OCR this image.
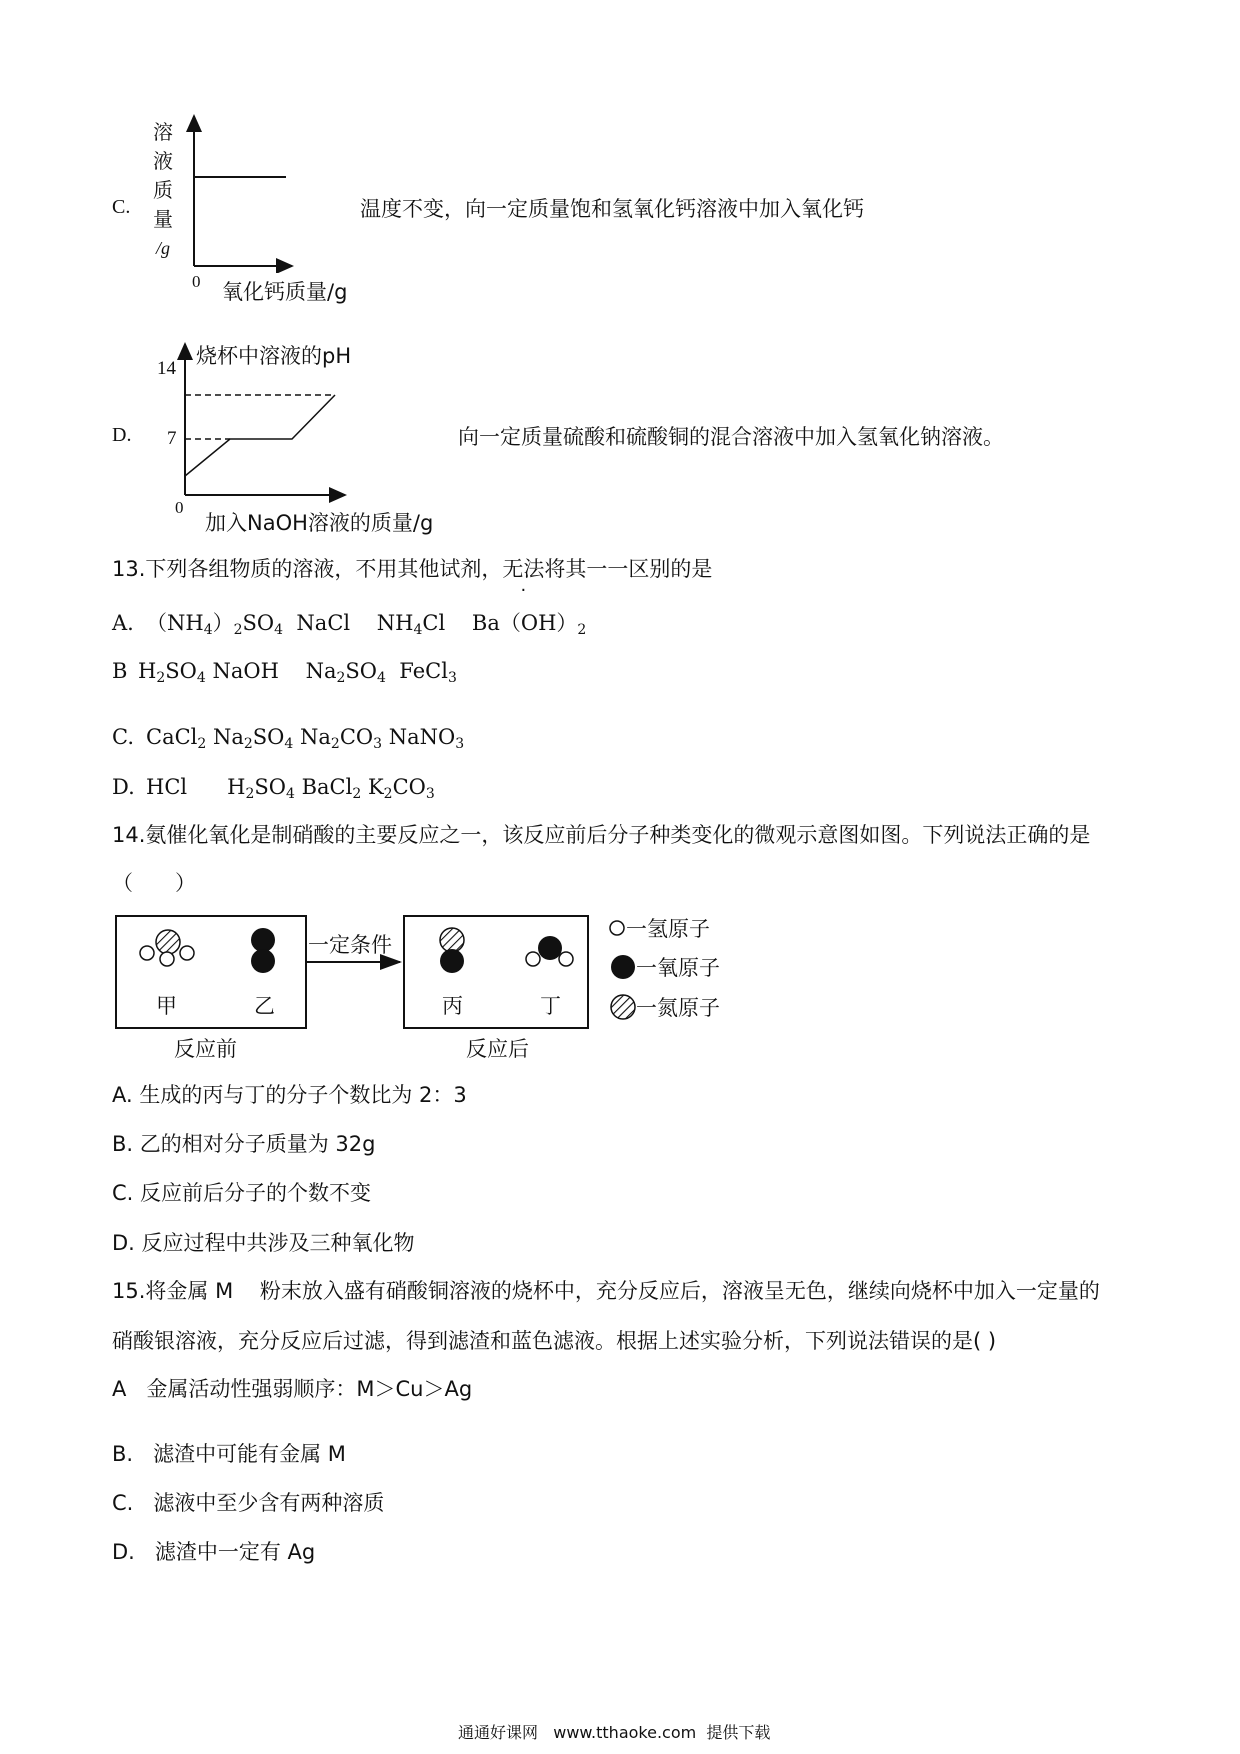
C.
溶
液
质
量
/g
0 氧化钙质量/g
温度不变，向一定质量饱和氢氧化钙溶液中加入氧化钙
D.
烧杯中溶液的pH
14
7
0
加入NaOH溶液的质量/g
向一定质量硫酸和硫酸铜的混合溶液中加入氢氧化钠溶液。
13.下列各组物质的溶液，不用其他试剂，无法将其一一区别的是
A. $(NH_4)_2SO_4$  NaCl    $NH_4Cl$    $Ba(OH)_2$
B $H_2SO_4$ NaOH    $Na_2SO_4$  FeCl$_3$
C. CaCl$_2$ $Na_2SO_4$ $Na_2CO_3$ NaNO$_3$
D. HCl      $H_2SO_4$ BaCl$_2$ $K_2CO_3$
14.氨催化氧化是制硝酸的主要反应之一，该反应前后分子种类变化的微观示意图如图。下列说法正确的是
（　　）
甲	乙
一定条件
丙	丁
反应前	反应后
一氢原子
一氧原子
一氮原子
A. 生成的丙与丁的分子个数比为 2：3
B. 乙的相对分子质量为 32g
C. 反应前后分子的个数不变
D. 反应过程中共涉及三种氧化物
15.将金属 M    粉末放入盛有硝酸铜溶液的烧杯中，充分反应后，溶液呈无色，继续向烧杯中加入一定量的
硝酸银溶液，充分反应后过滤，得到滤渣和蓝色滤液。根据上述实验分析，下列说法错误的是( )
A   金属活动性强弱顺序：M＞Cu＞Ag
B.   滤渣中可能有金属 M
C.   滤液中至少含有两种溶质
D.   滤渣中一定有 Ag
通通好课网   www.tthaoke.com  提供下载
